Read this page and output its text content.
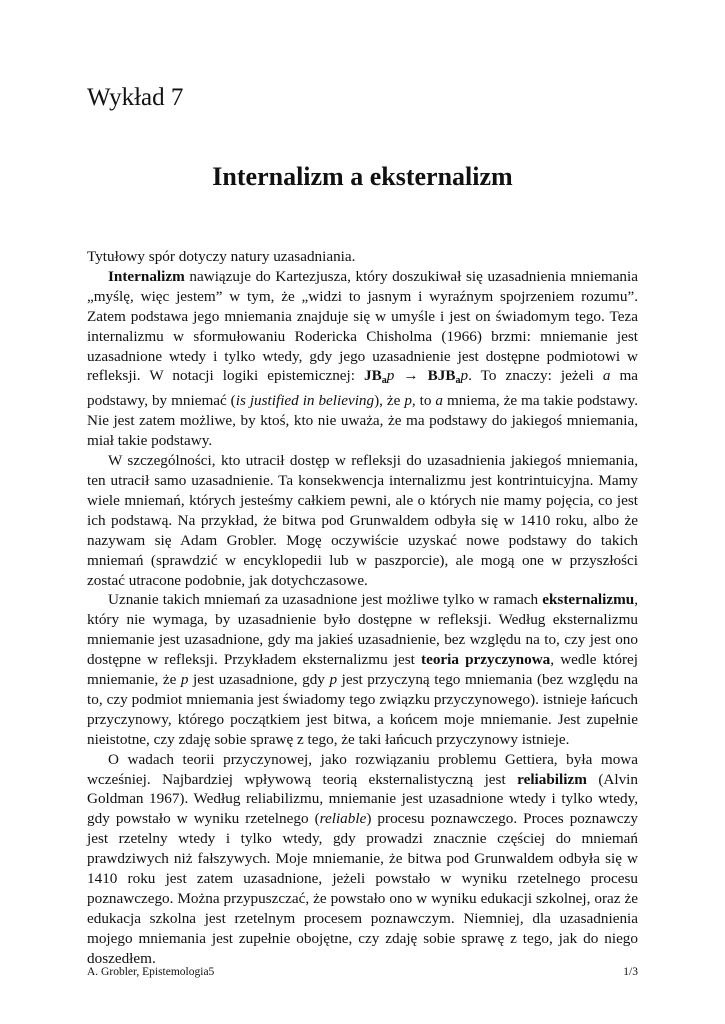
Wykład 7
Internalizm a eksternalizm

Tytułowy spór dotyczy natury uzasadniania.

Internalizm nawiązuje do Kartezjusza, który doszukiwał się uzasadnienia mniemania „myślę, więc jestem” w tym, że „widzi to jasnym i wyraźnym spojrzeniem rozumu”. Zatem podstawa jego mniemania znajduje się w umyśle i jest on świadomym tego. Teza internalizmu w sformułowaniu Rodericka Chisholma (1966) brzmi: mniemanie jest uzasadnione wtedy i tylko wtedy, gdy jego uzasadnienie jest dostępne podmiotowi w refleksji. W notacji logiki epistemicznej: $JB_ap \to BJB_ap$. To znaczy: jeżeli a ma podstawy, by mniemać (is justified in believing), że p, to a mniema, że ma takie podstawy. Nie jest zatem możliwe, by ktoś, kto nie uważa, że ma podstawy do jakiegoś mniemania, miał takie podstawy.

W szczególności, kto utracił dostęp w refleksji do uzasadnienia jakiegoś mniemania, ten utracił samo uzasadnienie. Ta konsekwencja internalizmu jest kontrintuicyjna. Mamy wiele mniemań, których jesteśmy całkiem pewni, ale o których nie mamy pojęcia, co jest ich podstawą. Na przykład, że bitwa pod Grunwaldem odbyła się w 1410 roku, albo że nazywam się Adam Grobler. Mogę oczywiście uzyskać nowe podstawy do takich mniemań (sprawdzić w encyklopedii lub w paszporcie), ale mogą one w przyszłości zostać utracone podobnie, jak dotychczasowe.

Uznanie takich mniemań za uzasadnione jest możliwe tylko w ramach eksternalizmu, który nie wymaga, by uzasadnienie było dostępne w refleksji. Według eksternalizmu mniemanie jest uzasadnione, gdy ma jakieś uzasadnienie, bez względu na to, czy jest ono dostępne w refleksji. Przykładem eksternalizmu jest teoria przyczynowa, wedle której mniemanie, że p jest uzasadnione, gdy p jest przyczyną tego mniemania (bez względu na to, czy podmiot mniemania jest świadomy tego związku przyczynowego). istnieje łańcuch przyczynowy, którego początkiem jest bitwa, a końcem moje mniemanie. Jest zupełnie nieistotne, czy zdaję sobie sprawę z tego, że taki łańcuch przyczynowy istnieje.

O wadach teorii przyczynowej, jako rozwiązaniu problemu Gettiera, była mowa wcześniej. Najbardziej wpływową teorią eksternalistyczną jest reliabilizm (Alvin Goldman 1967). Według reliabilizmu, mniemanie jest uzasadnione wtedy i tylko wtedy, gdy powstało w wyniku rzetelnego (reliable) procesu poznawczego. Proces poznawczy jest rzetelny wtedy i tylko wtedy, gdy prowadzi znacznie częściej do mniemań prawdziwych niż fałszywych. Moje mniemanie, że bitwa pod Grunwaldem odbyła się w 1410 roku jest zatem uzasadnione, jeżeli powstało w wyniku rzetelnego procesu poznawczego. Można przypuszczać, że powstało ono w wyniku edukacji szkolnej, oraz że edukacja szkolna jest rzetelnym procesem poznawczym. Niemniej, dla uzasadnienia mojego mniemania jest zupełnie obojętne, czy zdaję sobie sprawę z tego, jak do niego doszedłem.

A. Grobler, Epistemologia5	1/3
